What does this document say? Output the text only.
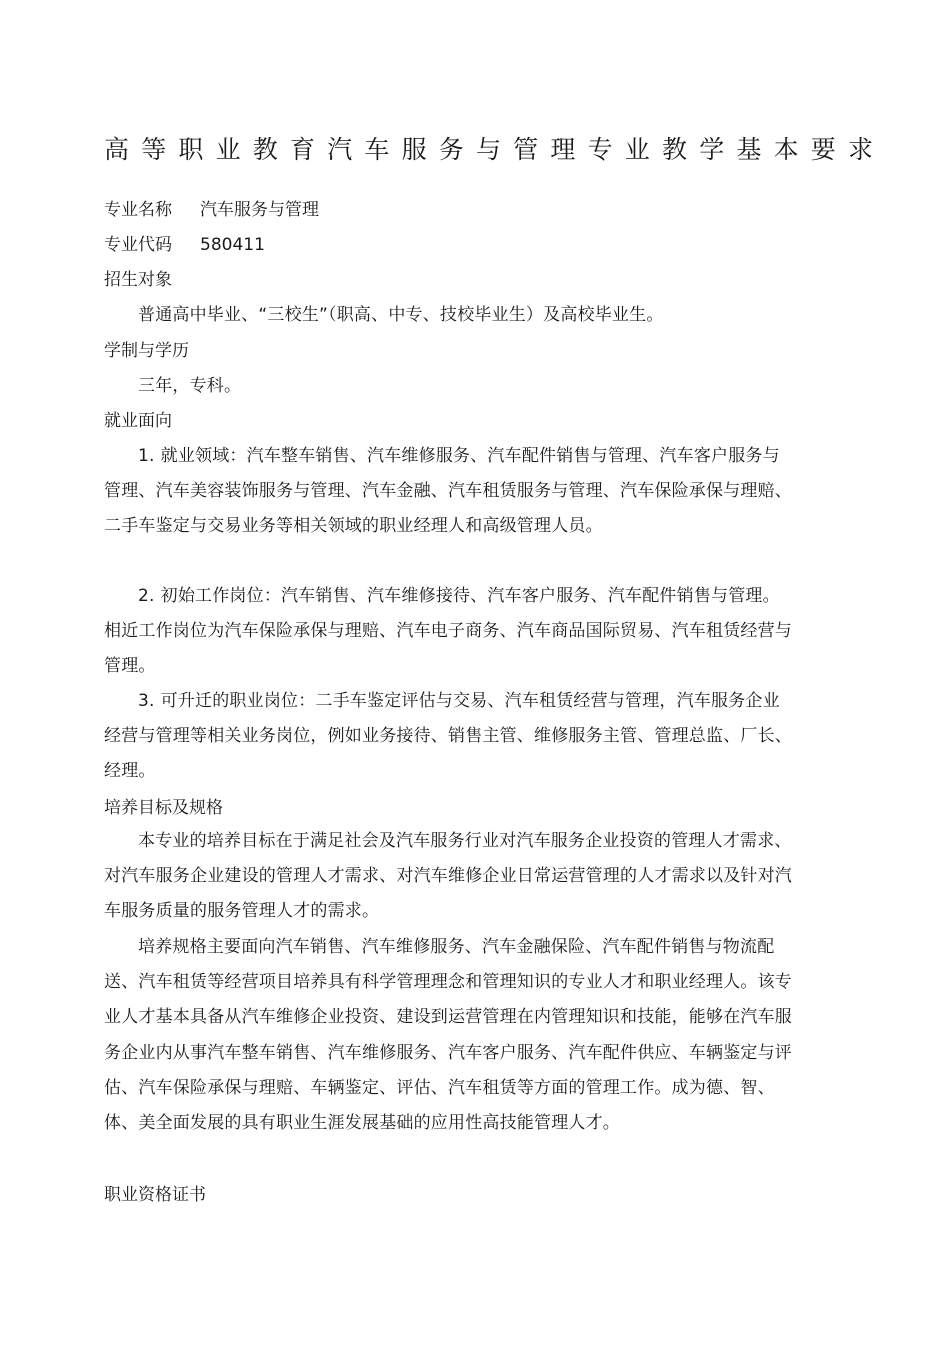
高等职业教育汽车服务与管理专业教学基本要求
专业名称 汽车服务与管理
专业代码 580411
招生对象

普通高中毕业、“三校生”（职高、中专、技校毕业生）及高校毕业生。

学制与学历

三年，专科。

就业面向

1. 就业领域：汽车整车销售、汽车维修服务、汽车配件销售与管理、汽车客户服务与管理、汽车美容装饰服务与管理、汽车金融、汽车租赁服务与管理、汽车保险承保与理赔、二手车鉴定与交易业务等相关领域的职业经理人和高级管理人员。

2. 初始工作岗位：汽车销售、汽车维修接待、汽车客户服务、汽车配件销售与管理。相近工作岗位为汽车保险承保与理赔、汽车电子商务、汽车商品国际贸易、汽车租赁经营与管理。

3. 可升迁的职业岗位：二手车鉴定评估与交易、汽车租赁经营与管理，汽车服务企业经营与管理等相关业务岗位，例如业务接待、销售主管、维修服务主管、管理总监、厂长、经理。

培养目标及规格

本专业的培养目标在于满足社会及汽车服务行业对汽车服务企业投资的管理人才需求、对汽车服务企业建设的管理人才需求、对汽车维修企业日常运营管理的人才需求以及针对汽车服务质量的服务管理人才的需求。

培养规格主要面向汽车销售、汽车维修服务、汽车金融保险、汽车配件销售与物流配送、汽车租赁等经营项目培养具有科学管理理念和管理知识的专业人才和职业经理人。该专业人才基本具备从汽车维修企业投资、建设到运营管理在内管理知识和技能，能够在汽车服务企业内从事汽车整车销售、汽车维修服务、汽车客户服务、汽车配件供应、车辆鉴定与评估、汽车保险承保与理赔、车辆鉴定、评估、汽车租赁等方面的管理工作。成为德、智、体、美全面发展的具有职业生涯发展基础的应用性高技能管理人才。

职业资格证书
